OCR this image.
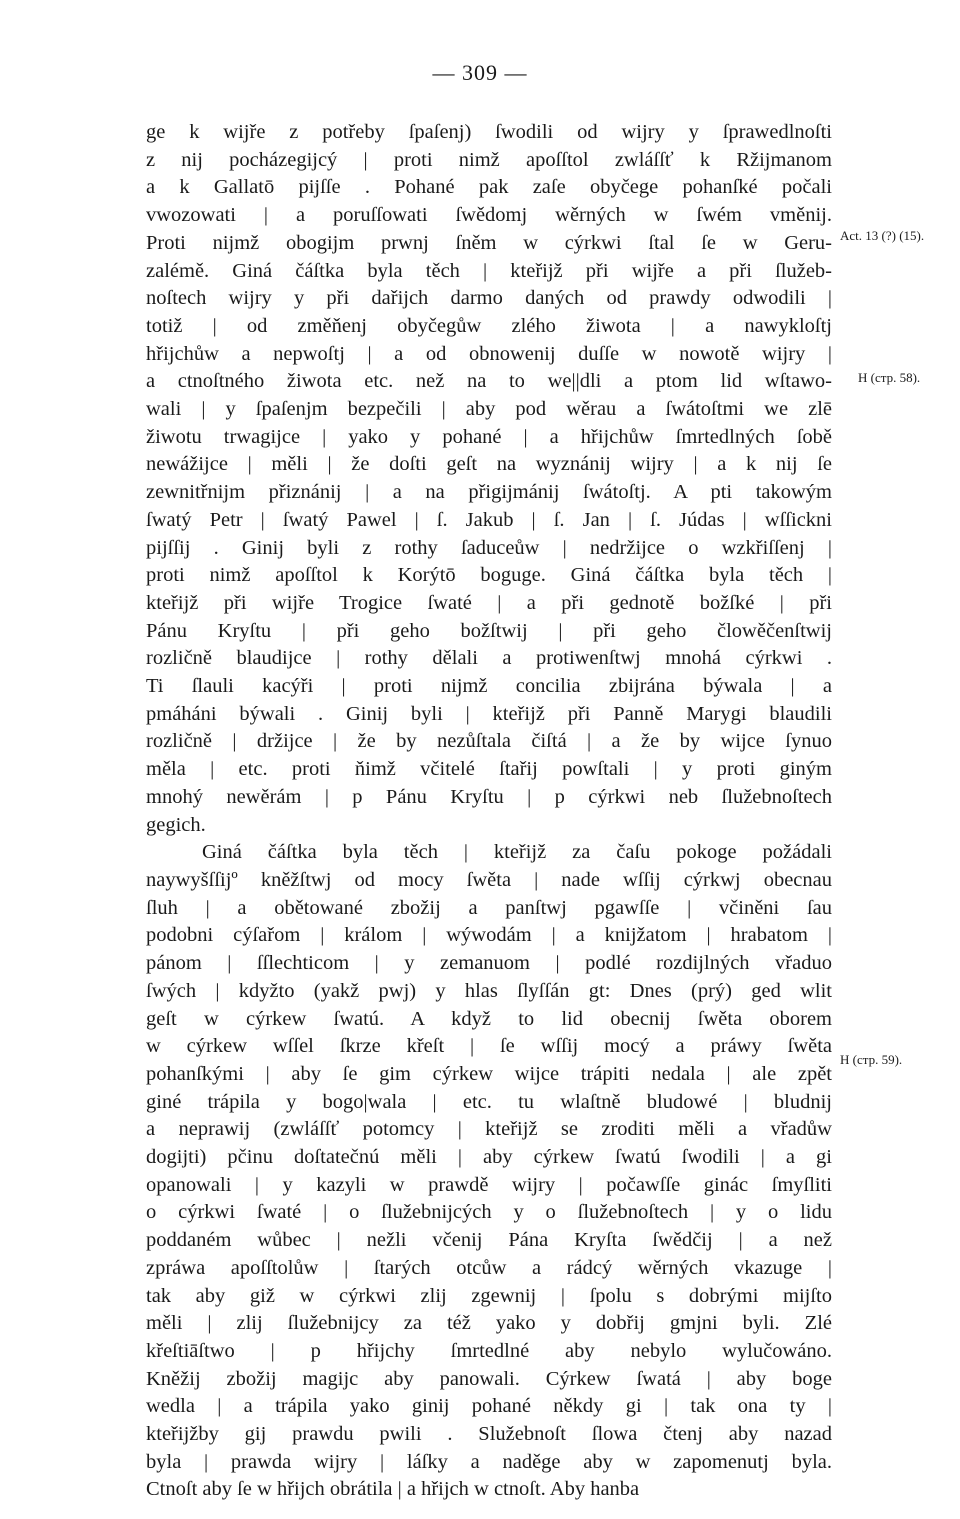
— 309 —
ge k wijře z potřeby ſpaſenj) ſwodili od wijry y ſprawedlnoſti
z nij pocházegijcý | proti nimž apoſſtol zwláſſť k Ržijmanom
a k Gallatō pijſſe . Pohané pak zaſe obyčege pohanſké počali
vwozowati | a poruſſowati ſwědomj wěrných w ſwém vměnij.
Proti nijmž obogijm prwnj ſněm w cýrkwi ſtal ſe w Geru-
zalémě. Giná čáſtka byla těch | kteřijž při wijře a při ſlužeb-
noſtech wijry y při dařijch darmo daných od prawdy odwodili |
totiž | od změňenj obyčegůw zlého žiwota | a nawykloſtj
hřijchůw a nepwoſtj | a od obnowenij duſſe w nowotě wijry |
a ctnoſtného žiwota etc. než na to we||dli a ptom lid wſtawo-
wali | y ſpaſenjm bezpečili | aby pod wěrau a ſwátoſtmi we zlē
žiwotu trwagijce | yako y pohané | a hřijchůw ſmrtedlných ſobě
newážijce | měli | že doſti geſt na wyznánij wijry | a k nij ſe
zewnitřnijm přiznánij | a na přigijmánij ſwátoſtj. A pti takowým
ſwatý Petr | ſwatý Pawel | ſ. Jakub | ſ. Jan | ſ. Júdas | wſſickni
pijſſij . Ginij byli z rothy ſaduceůw | nedržijce o wzkřiſſenj |
proti nimž apoſſtol k Korýtō boguge. Giná čáſtka byla těch |
kteřijž při wijře Trogice ſwaté | a při gednotě božſké | při
Pánu Kryſtu | při geho božſtwij | při geho člowěčenſtwij
rozličně blaudijce | rothy dělali a protiwenſtwj mnohá cýrkwi .
Ti ſlauli kacýři | proti nijmž concilia zbijrána býwala | a
pmáháni býwali . Ginij byli | kteřijž při Panně Marygi blaudili
rozličně | držijce | že by nezůſtala čiſtá | a že by wijce ſynuo
měla | etc. proti ňimž včitelé ſtařij powſtali | y proti giným
mnohý newěrám | p Pánu Kryſtu | p cýrkwi neb ſlužebnoſtech
gegich.
Giná čáſtka byla těch | kteřijž za čaſu pokoge požádali
naywyšſſijº kněžſtwj od mocy ſwěta | nade wſſij cýrkwj obecnau
ſluh | a obětowané zbožij a panſtwj pgawſſe | včiněni ſau
podobni cýſařom | králom | wýwodám | a knijžatom | hrabatom |
pánom | ſſlechticom | y zemanuom | podlé rozdijlných vřaduo
ſwých | kdyžto (yakž pwj) y hlas ſlyſſán gt: Dnes (prý) ged wlit
geſt w cýrkew ſwatú. A když to lid obecnij ſwěta oborem
w cýrkew wſſel ſkrze křeſt | ſe wſſij mocý a práwy ſwěta
pohanſkými | aby ſe gim cýrkew wijce trápiti nedala | ale zpět
giné trápila y bogo|wala | etc. tu wlaſtně bludowé | bludnij
a neprawij (zwláſſť potomcy | kteřijž se zroditi měli a vřadůw
dogijti) pčinu doſtatečnú měli | aby cýrkew ſwatú ſwodili | a gi
opanowali | y kazyli w prawdě wijry | počawſſe ginác ſmyſliti
o cýrkwi ſwaté | o ſlužebnijcých y o ſlužebnoſtech | y o lidu
poddaném wůbec | nežli včenij Pána Kryſta ſwědčij | a než
zpráwa apoſſtolůw | ſtarých otcůw a rádcý wěrných vkazuge |
tak aby giž w cýrkwi zlij zgewnij | ſpolu s dobrými mijſto
měli | zlij ſlužebnijcy za též yako y dobřij gmjni byli. Zlé
křeſtiāſtwo | p hřijchy ſmrtedlné aby nebylo wylučowáno.
Kněžij zbožij magijc aby panowali. Cýrkew ſwatá | aby boge
wedla | a trápila yako ginij pohané někdy gi | tak ona ty |
kteřijžby gij prawdu pwili . Služebnoſt ſlowa čtenj aby nazad
byla | prawda wijry | láſky a naděge aby w zapomenutj byla.
Ctnoſt aby ſe w hřijch obrátila | a hřijch w ctnoſt. Aby hanba
Act. 13 (?) (15).
H (стр. 58).
H (стр. 59).
